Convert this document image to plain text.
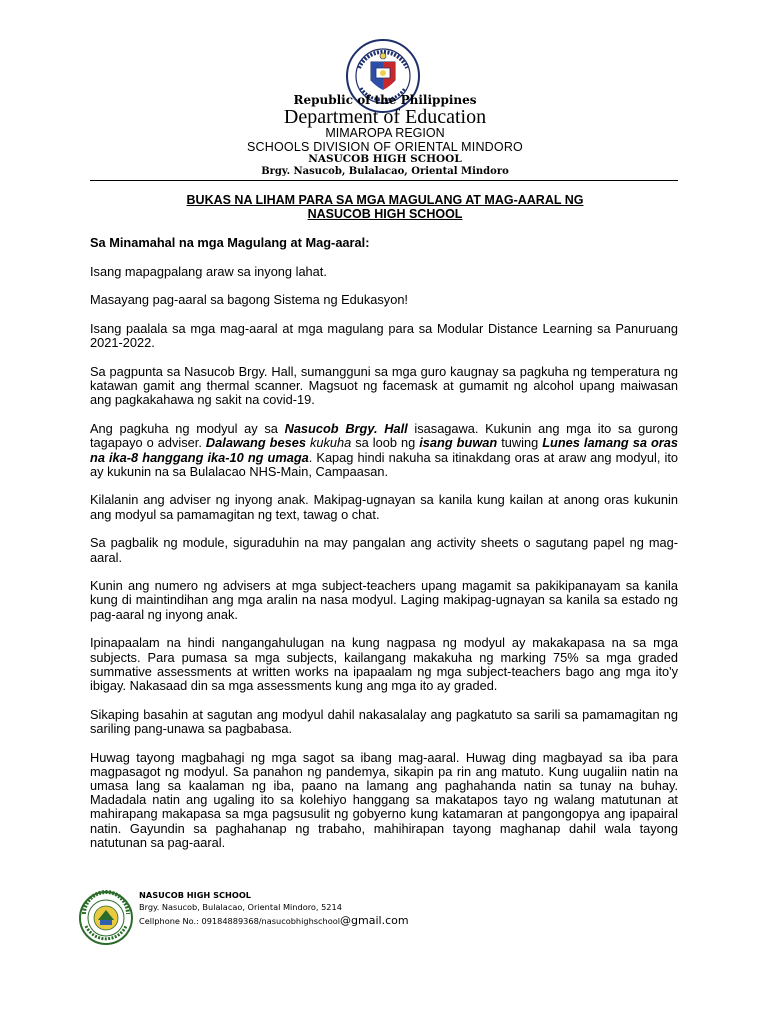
Republic of the Philippines
Department of Education
MIMAROPA REGION
SCHOOLS DIVISION OF ORIENTAL MINDORO
NASUCOB HIGH SCHOOL
Brgy. Nasucob, Bulalacao, Oriental Mindoro
BUKAS NA LIHAM PARA SA MGA MAGULANG AT MAG-AARAL NG
NASUCOB HIGH SCHOOL

Sa Minamahal na mga Magulang at Mag-aaral:

Isang mapagpalang araw sa inyong lahat.

Masayang pag-aaral sa bagong Sistema ng Edukasyon!

Isang paalala sa mga mag-aaral at mga magulang para sa Modular Distance Learning sa Panuruang 2021-2022.

Sa pagpunta sa Nasucob Brgy. Hall, sumangguni sa mga guro kaugnay sa pagkuha ng temperatura ng katawan gamit ang thermal scanner. Magsuot ng facemask at gumamit ng alcohol upang maiwasan ang pagkakahawa ng sakit na covid-19.

Ang pagkuha ng modyul ay sa Nasucob Brgy. Hall isasagawa. Kukunin ang mga ito sa gurong tagapayo o adviser. Dalawang beses kukuha sa loob ng isang buwan tuwing Lunes lamang sa oras na ika-8 hanggang ika-10 ng umaga. Kapag hindi nakuha sa itinakdang oras at araw ang modyul, ito ay kukunin na sa Bulalacao NHS-Main, Campaasan.

Kilalanin ang adviser ng inyong anak. Makipag-ugnayan sa kanila kung kailan at anong oras kukunin ang modyul sa pamamagitan ng text, tawag o chat.

Sa pagbalik ng module, siguraduhin na may pangalan ang activity sheets o sagutang papel ng mag-aaral.

Kunin ang numero ng advisers at mga subject-teachers upang magamit sa pakikipanayam sa kanila kung di maintindihan ang mga aralin na nasa modyul. Laging makipag-ugnayan sa kanila sa estado ng pag-aaral ng inyong anak.

Ipinapaalam na hindi nangangahulugan na kung nagpasa ng modyul ay makakapasa na sa mga subjects. Para pumasa sa mga subjects, kailangang makakuha ng marking 75% sa mga graded summative assessments at written works na ipapaalam ng mga subject-teachers bago ang mga ito'y ibigay. Nakasaad din sa mga assessments kung ang mga ito ay graded.

Sikaping basahin at sagutan ang modyul dahil nakasalalay ang pagkatuto sa sarili sa pamamagitan ng sariling pang-unawa sa pagbabasa.

Huwag tayong magbahagi ng mga sagot sa ibang mag-aaral. Huwag ding magbayad sa iba para magpasagot ng modyul. Sa panahon ng pandemya, sikapin pa rin ang matuto. Kung uugaliin natin na umasa lang sa kaalaman ng iba, paano na lamang ang paghahanda natin sa tunay na buhay. Madadala natin ang ugaling ito sa kolehiyo hanggang sa makatapos tayo ng walang matutunan at mahirapang makapasa sa mga pagsusulit ng gobyerno kung katamaran at pangongopya ang ipapairal natin. Gayundin sa paghahanap ng trabaho, mahihirapan tayong maghanap dahil wala tayong natutunan sa pag-aaral.

NASUCOB HIGH SCHOOL
Brgy. Nasucob, Bulalacao, Oriental Mindoro, 5214
Cellphone No.: 09184889368/nasucobhighschool@gmail.com
